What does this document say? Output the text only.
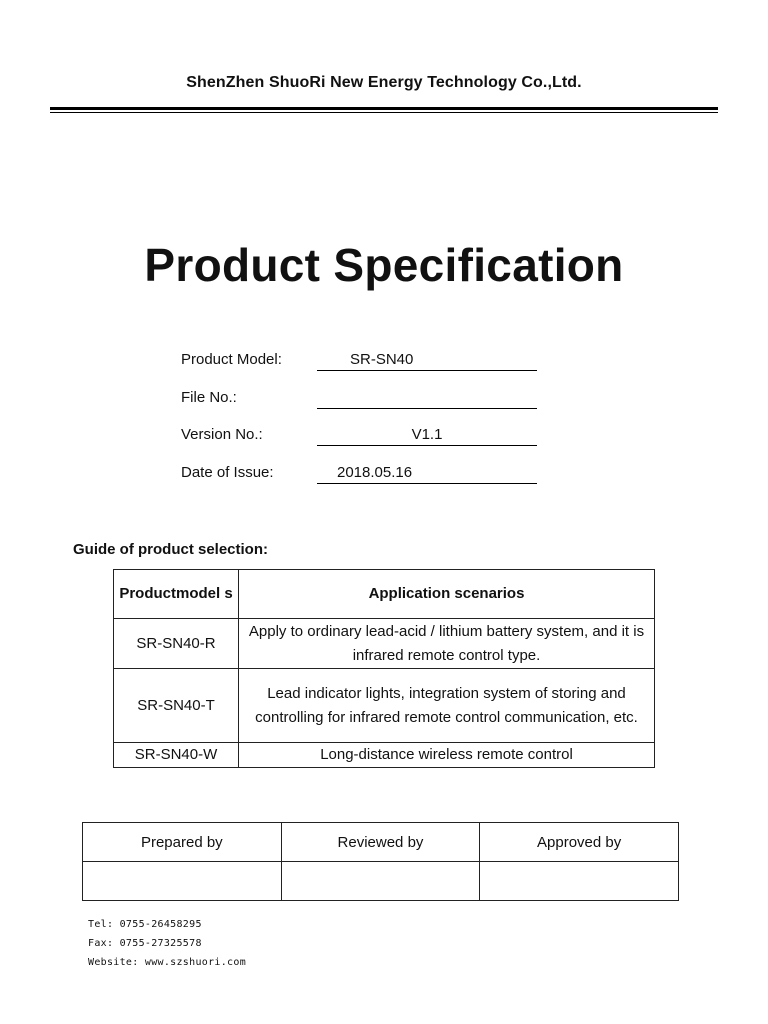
ShenZhen ShuoRi New Energy Technology Co.,Ltd.
Product Specification
Product Model:	SR-SN40
File No.:
Version No.:	V1.1
Date of Issue:	2018.05.16
Guide of product selection:
Productmodel s	Application scenarios
SR-SN40-R	Apply to ordinary lead-acid / lithium battery system, and it is infrared remote control type.
SR-SN40-T	Lead indicator lights, integration system of storing and controlling for infrared remote control communication, etc.
SR-SN40-W	Long-distance wireless remote control
Prepared by	Reviewed by	Approved by

Tel: 0755-26458295
Fax: 0755-27325578
Website: www.szshuori.com
